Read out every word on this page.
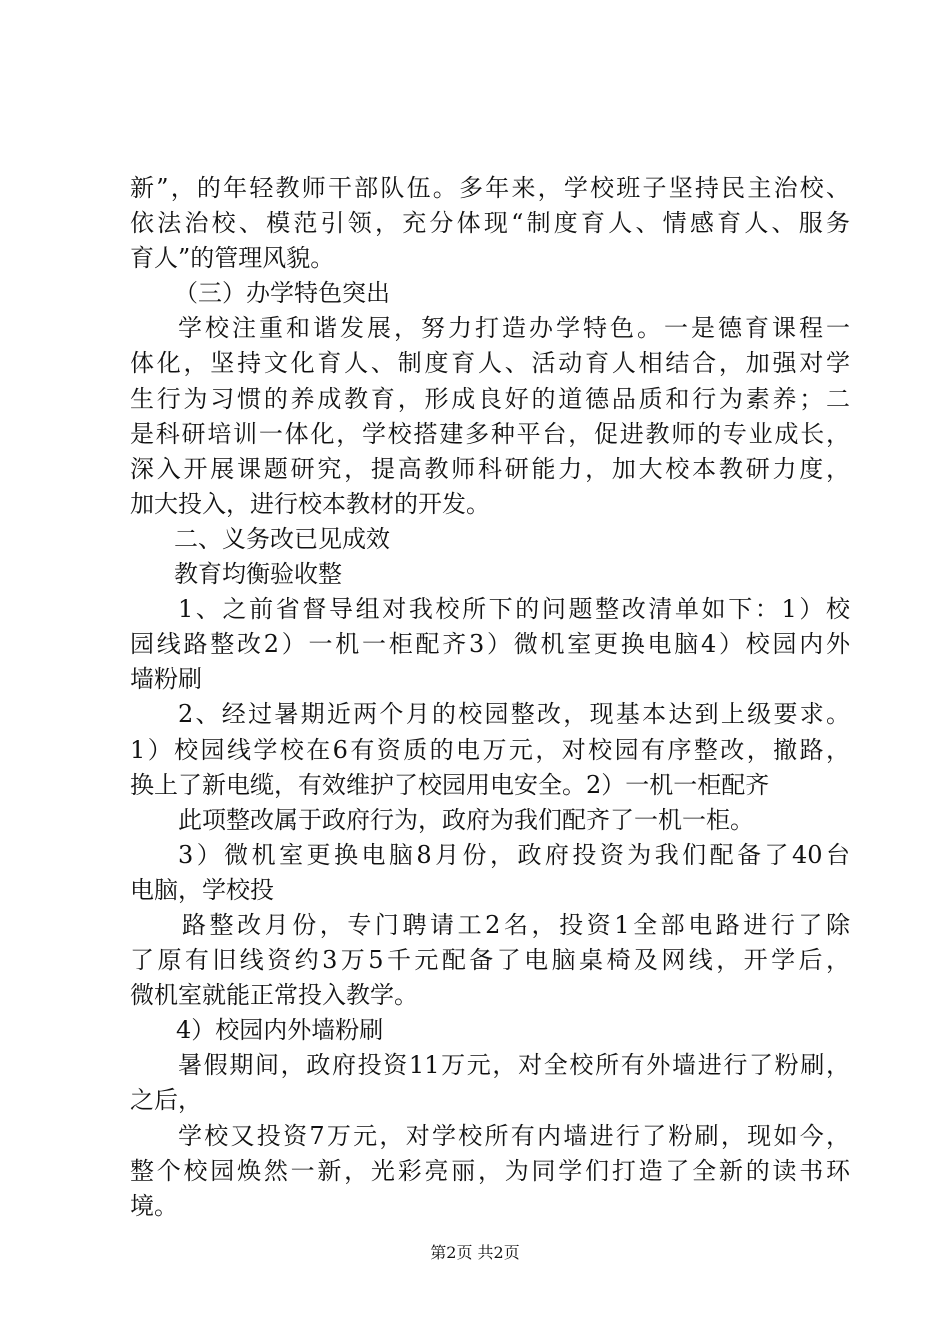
新”，的年轻教师干部队伍。多年来，学校班子坚持民主治校、
依法治校、模范引领，充分体现“制度育人、情感育人、服务
育人”的管理风貌。
（三）办学特色突出
学校注重和谐发展，努力打造办学特色。一是德育课程一
体化，坚持文化育人、制度育人、活动育人相结合，加强对学
生行为习惯的养成教育，形成良好的道德品质和行为素养；二
是科研培训一体化，学校搭建多种平台，促进教师的专业成长，
深入开展课题研究，提高教师科研能力，加大校本教研力度，
加大投入，进行校本教材的开发。
二、义务改已见成效
教育均衡验收整
1、之前省督导组对我校所下的问题整改清单如下：1）校
园线路整改2）一机一柜配齐3）微机室更换电脑4）校园内外
墙粉刷
2、经过暑期近两个月的校园整改，现基本达到上级要求。
1）校园线学校在6有资质的电万元，对校园有序整改，撤路，
换上了新电缆，有效维护了校园用电安全。2）一机一柜配齐
此项整改属于政府行为，政府为我们配齐了一机一柜。
3）微机室更换电脑8月份，政府投资为我们配备了40台
电脑，学校投
路整改月份，专门聘请工2名，投资1全部电路进行了除
了原有旧线资约3万5千元配备了电脑桌椅及网线，开学后，
微机室就能正常投入教学。
4）校园内外墙粉刷
暑假期间，政府投资11万元，对全校所有外墙进行了粉刷，
之后，
学校又投资7万元，对学校所有内墙进行了粉刷，现如今，
整个校园焕然一新，光彩亮丽，为同学们打造了全新的读书环
境。
第2页 共2页
